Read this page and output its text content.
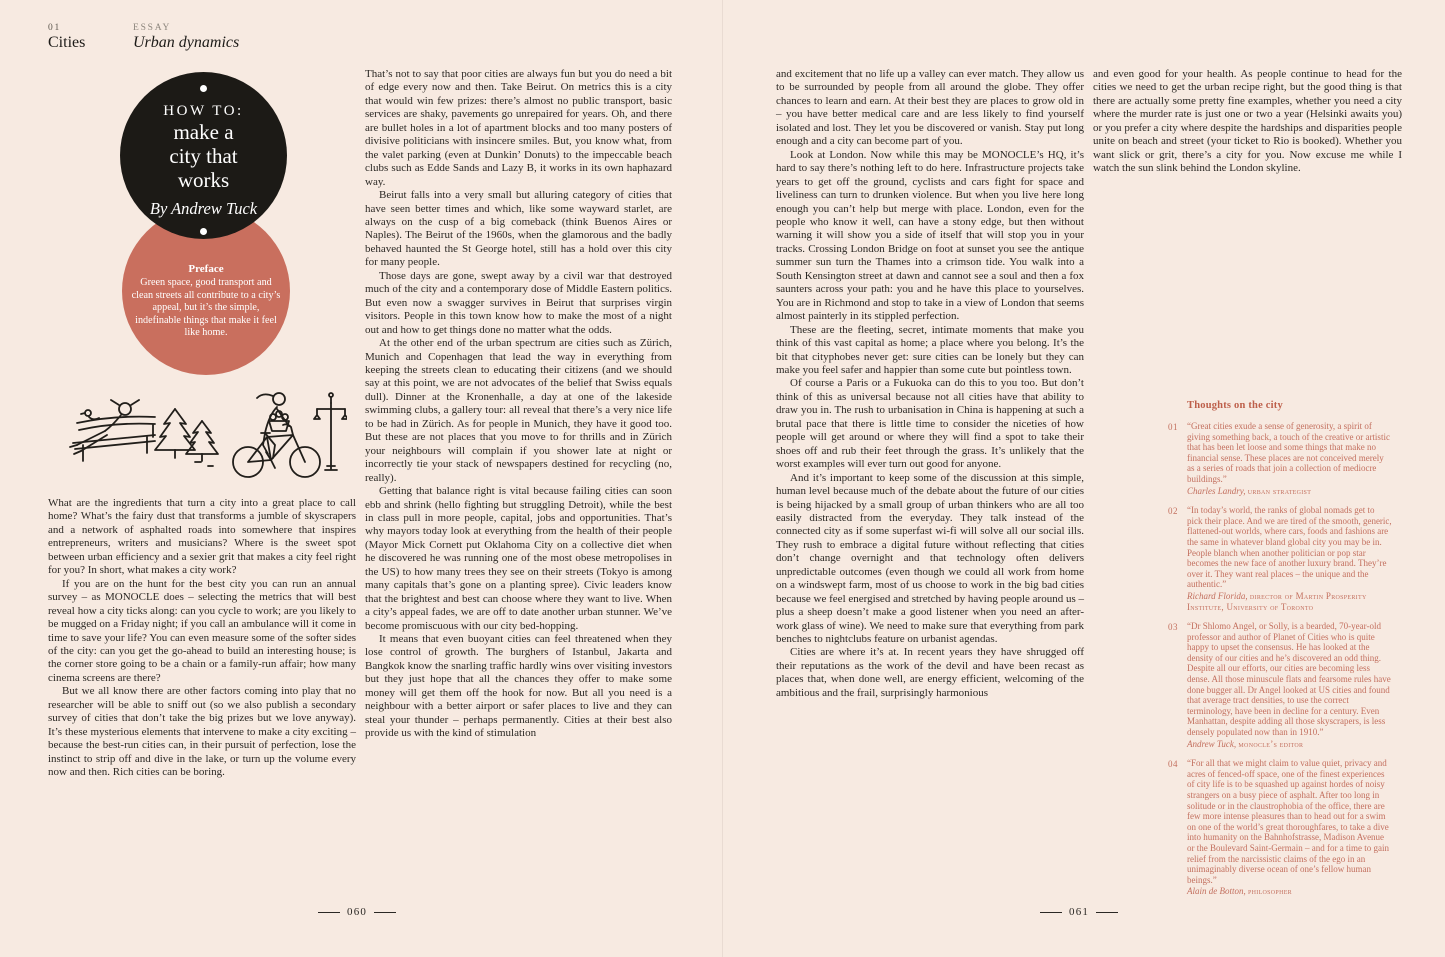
01
Cities
ESSAY
Urban dynamics
HOW TO:
make a
city that
works
By Andrew Tuck
Preface
Green space, good transport and clean streets all contribute to a city’s appeal, but it’s the simple, indefinable things that make it feel like home.

What are the ingredients that turn a city into a great place to call home? What’s the fairy dust that transforms a jumble of skyscrapers and a network of asphalted roads into somewhere that inspires entrepreneurs, writers and musicians? Where is the sweet spot between urban efficiency and a sexier grit that makes a city feel right for you? In short, what makes a city work?

If you are on the hunt for the best city you can run an annual survey – as MONOCLE does – selecting the metrics that will best reveal how a city ticks along: can you cycle to work; are you likely to be mugged on a Friday night; if you call an ambulance will it come in time to save your life? You can even measure some of the softer sides of the city: can you get the go-ahead to build an interesting house; is the corner store going to be a chain or a family-run affair; how many cinema screens are there?

But we all know there are other factors coming into play that no researcher will be able to sniff out (so we also publish a secondary survey of cities that don’t take the big prizes but we love anyway). It’s these mysterious elements that intervene to make a city exciting – because the best-run cities can, in their pursuit of perfection, lose the instinct to strip off and dive in the lake, or turn up the volume every now and then. Rich cities can be boring.

That’s not to say that poor cities are always fun but you do need a bit of edge every now and then. Take Beirut. On metrics this is a city that would win few prizes: there’s almost no public transport, basic services are shaky, pavements go unrepaired for years. Oh, and there are bullet holes in a lot of apartment blocks and too many posters of divisive politicians with insincere smiles. But, you know what, from the valet parking (even at Dunkin’ Donuts) to the impeccable beach clubs such as Edde Sands and Lazy B, it works in its own haphazard way.

Beirut falls into a very small but alluring category of cities that have seen better times and which, like some wayward starlet, are always on the cusp of a big comeback (think Buenos Aires or Naples). The Beirut of the 1960s, when the glamorous and the badly behaved haunted the St George hotel, still has a hold over this city for many people.

Those days are gone, swept away by a civil war that destroyed much of the city and a contemporary dose of Middle Eastern politics. But even now a swagger survives in Beirut that surprises virgin visitors. People in this town know how to make the most of a night out and how to get things done no matter what the odds.

At the other end of the urban spectrum are cities such as Zürich, Munich and Copenhagen that lead the way in everything from keeping the streets clean to educating their citizens (and we should say at this point, we are not advocates of the belief that Swiss equals dull). Dinner at the Kronenhalle, a day at one of the lakeside swimming clubs, a gallery tour: all reveal that there’s a very nice life to be had in Zürich. As for people in Munich, they have it good too. But these are not places that you move to for thrills and in Zürich your neighbours will complain if you shower late at night or incorrectly tie your stack of newspapers destined for recycling (no, really).

Getting that balance right is vital because failing cities can soon ebb and shrink (hello fighting but struggling Detroit), while the best in class pull in more people, capital, jobs and opportunities. That’s why mayors today look at everything from the health of their people (Mayor Mick Cornett put Oklahoma City on a collective diet when he discovered he was running one of the most obese metropolises in the US) to how many trees they see on their streets (Tokyo is among many capitals that’s gone on a planting spree). Civic leaders know that the brightest and best can choose where they want to live. When a city’s appeal fades, we are off to date another urban stunner. We’ve become promiscuous with our city bed-hopping.

It means that even buoyant cities can feel threatened when they lose control of growth. The burghers of Istanbul, Jakarta and Bangkok know the snarling traffic hardly wins over visiting investors but they just hope that all the chances they offer to make some money will get them off the hook for now. But all you need is a neighbour with a better airport or safer places to live and they can steal your thunder – perhaps permanently. Cities at their best also provide us with the kind of stimulation

and excitement that no life up a valley can ever match. They allow us to be surrounded by people from all around the globe. They offer chances to learn and earn. At their best they are places to grow old in – you have better medical care and are less likely to find yourself isolated and lost. They let you be discovered or vanish. Stay put long enough and a city can become part of you.

Look at London. Now while this may be MONOCLE’s HQ, it’s hard to say there’s nothing left to do here. Infrastructure projects take years to get off the ground, cyclists and cars fight for space and liveliness can turn to drunken violence. But when you live here long enough you can’t help but merge with place. London, even for the people who know it well, can have a stony edge, but then without warning it will show you a side of itself that will stop you in your tracks. Crossing London Bridge on foot at sunset you see the antique summer sun turn the Thames into a crimson tide. You walk into a South Kensington street at dawn and cannot see a soul and then a fox saunters across your path: you and he have this place to yourselves. You are in Richmond and stop to take in a view of London that seems almost painterly in its stippled perfection.

These are the fleeting, secret, intimate moments that make you think of this vast capital as home; a place where you belong. It’s the bit that cityphobes never get: sure cities can be lonely but they can make you feel safer and happier than some cute but pointless town.

Of course a Paris or a Fukuoka can do this to you too. But don’t think of this as universal because not all cities have that ability to draw you in. The rush to urbanisation in China is happening at such a brutal pace that there is little time to consider the niceties of how people will get around or where they will find a spot to take their shoes off and rub their feet through the grass. It’s unlikely that the worst examples will ever turn out good for anyone.

And it’s important to keep some of the discussion at this simple, human level because much of the debate about the future of our cities is being hijacked by a small group of urban thinkers who are all too easily distracted from the everyday. They talk instead of the connected city as if some superfast wi-fi will solve all our social ills. They rush to embrace a digital future without reflecting that cities don’t change overnight and that technology often delivers unpredictable outcomes (even though we could all work from home on a windswept farm, most of us choose to work in the big bad cities because we feel energised and stretched by having people around us – plus a sheep doesn’t make a good listener when you need an after-work glass of wine). We need to make sure that everything from park benches to nightclubs feature on urbanist agendas.

Cities are where it’s at. In recent years they have shrugged off their reputations as the work of the devil and have been recast as places that, when done well, are energy efficient, welcoming of the ambitious and the frail, surprisingly harmonious

and even good for your health. As people continue to head for the cities we need to get the urban recipe right, but the good thing is that there are actually some pretty fine examples, whether you need a city where the murder rate is just one or two a year (Helsinki awaits you) or you prefer a city where despite the hardships and disparities people unite on beach and street (your ticket to Rio is booked). Whether you want slick or grit, there’s a city for you. Now excuse me while I watch the sun slink behind the London skyline.

Thoughts on the city
01	“Great cities exude a sense of generosity, a spirit of giving something back, a touch of the creative or artistic that has been let loose and some things that make no financial sense. These places are not conceived merely as a series of roads that join a collection of mediocre buildings.”

Charles Landry, urban strategist

02	“In today’s world, the ranks of global nomads get to pick their place. And we are tired of the smooth, generic, flattened-out worlds, where cars, foods and fashions are the same in whatever bland global city you may be in. People blanch when another politician or pop star becomes the new face of another luxury brand. They’re over it. They want real places – the unique and the authentic.”

Richard Florida, director of Martin Prosperity Institute, University of Toronto

03	“Dr Shlomo Angel, or Solly, is a bearded, 70-year-old professor and author of Planet of Cities who is quite happy to upset the consensus. He has looked at the density of our cities and he’s discovered an odd thing. Despite all our efforts, our cities are becoming less dense. All those minuscule flats and fearsome rules have done bugger all. Dr Angel looked at US cities and found that average tract densities, to use the correct terminology, have been in decline for a century. Even Manhattan, despite adding all those skyscrapers, is less densely populated now than in 1910.”

Andrew Tuck, monocle’s editor

04	“For all that we might claim to value quiet, privacy and acres of fenced-off space, one of the finest experiences of city life is to be squashed up against hordes of noisy strangers on a busy piece of asphalt. After too long in solitude or in the claustrophobia of the office, there are few more intense pleasures than to head out for a swim on one of the world’s great thoroughfares, to take a dive into humanity on the Bahnhofstrasse, Madison Avenue or the Boulevard Saint-Germain – and for a time to gain relief from the narcissistic claims of the ego in an unimaginably diverse ocean of one’s fellow human beings.”

Alain de Botton, philosopher

060	061
